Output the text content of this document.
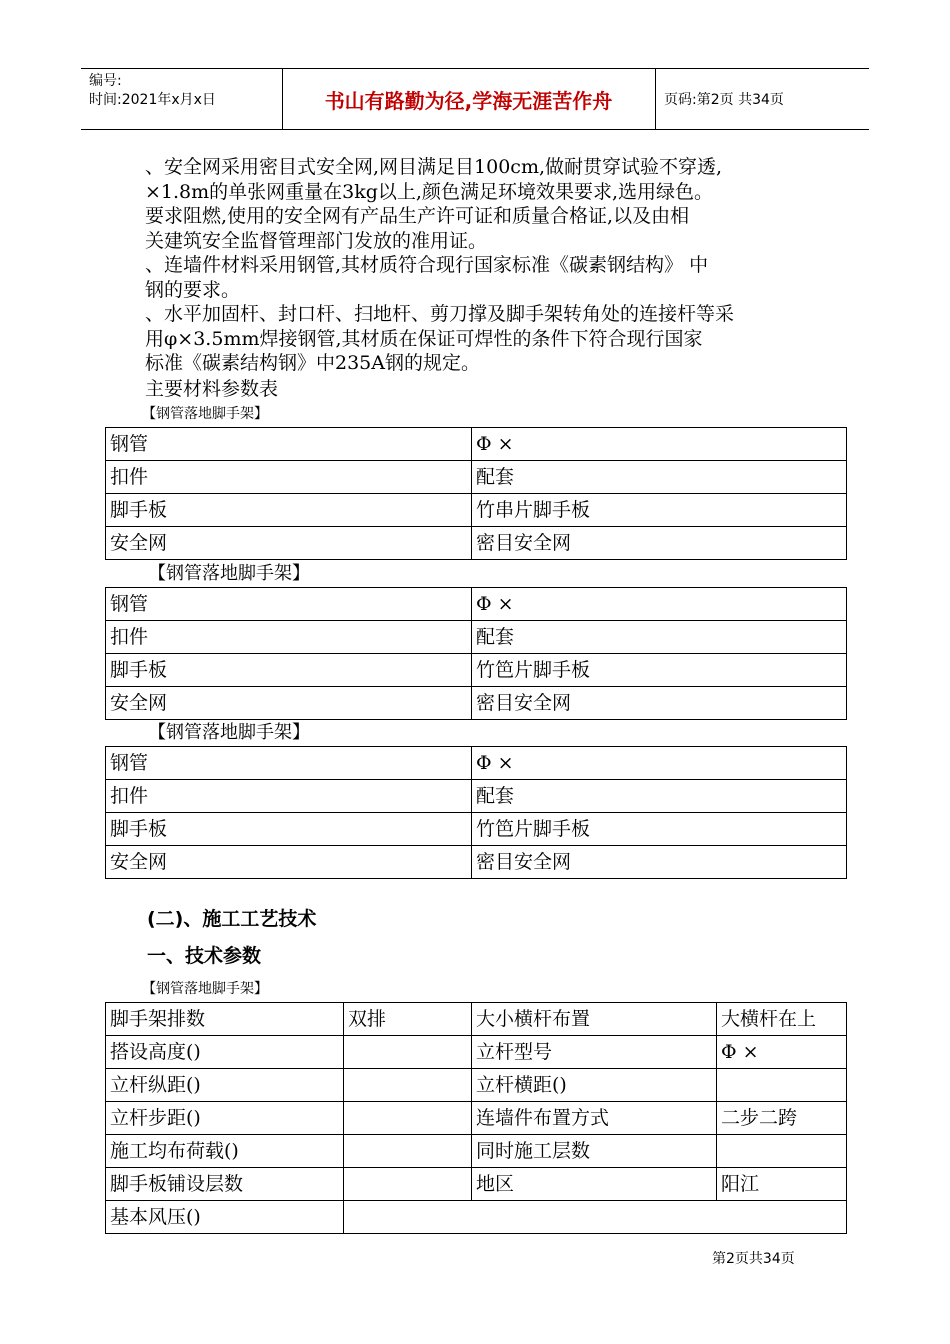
编号:
时间:2021年x月x日	书山有路勤为径,学海无涯苦作舟	页码:第2页 共34页
、安全网采用密目式安全网,网目满足目100cm,做耐贯穿试验不穿透,
×1.8m的单张网重量在3kg以上,颜色满足环境效果要求,选用绿色。
要求阻燃,使用的安全网有产品生产许可证和质量合格证,以及由相
关建筑安全监督管理部门发放的准用证。
、连墙件材料采用钢管,其材质符合现行国家标准《碳素钢结构》 中
钢的要求。
、水平加固杆、封口杆、扫地杆、剪刀撑及脚手架转角处的连接杆等采
用φ×3.5mm焊接钢管,其材质在保证可焊性的条件下符合现行国家
标准《碳素结构钢》中235A钢的规定。
主要材料参数表
【钢管落地脚手架】
钢管	Φ ×
扣件	配套
脚手板	竹串片脚手板
安全网	密目安全网
【钢管落地脚手架】
钢管	Φ ×
扣件	配套
脚手板	竹笆片脚手板
安全网	密目安全网
【钢管落地脚手架】
钢管	Φ ×
扣件	配套
脚手板	竹笆片脚手板
安全网	密目安全网
(二)、施工工艺技术
一、技术参数
【钢管落地脚手架】
脚手架排数	双排	大小横杆布置	大横杆在上
搭设高度()		立杆型号	Φ ×
立杆纵距()		立杆横距()	
立杆步距()		连墙件布置方式	二步二跨
施工均布荷载()		同时施工层数	
脚手板铺设层数		地区	阳江
基本风压()			
第2页共34页
